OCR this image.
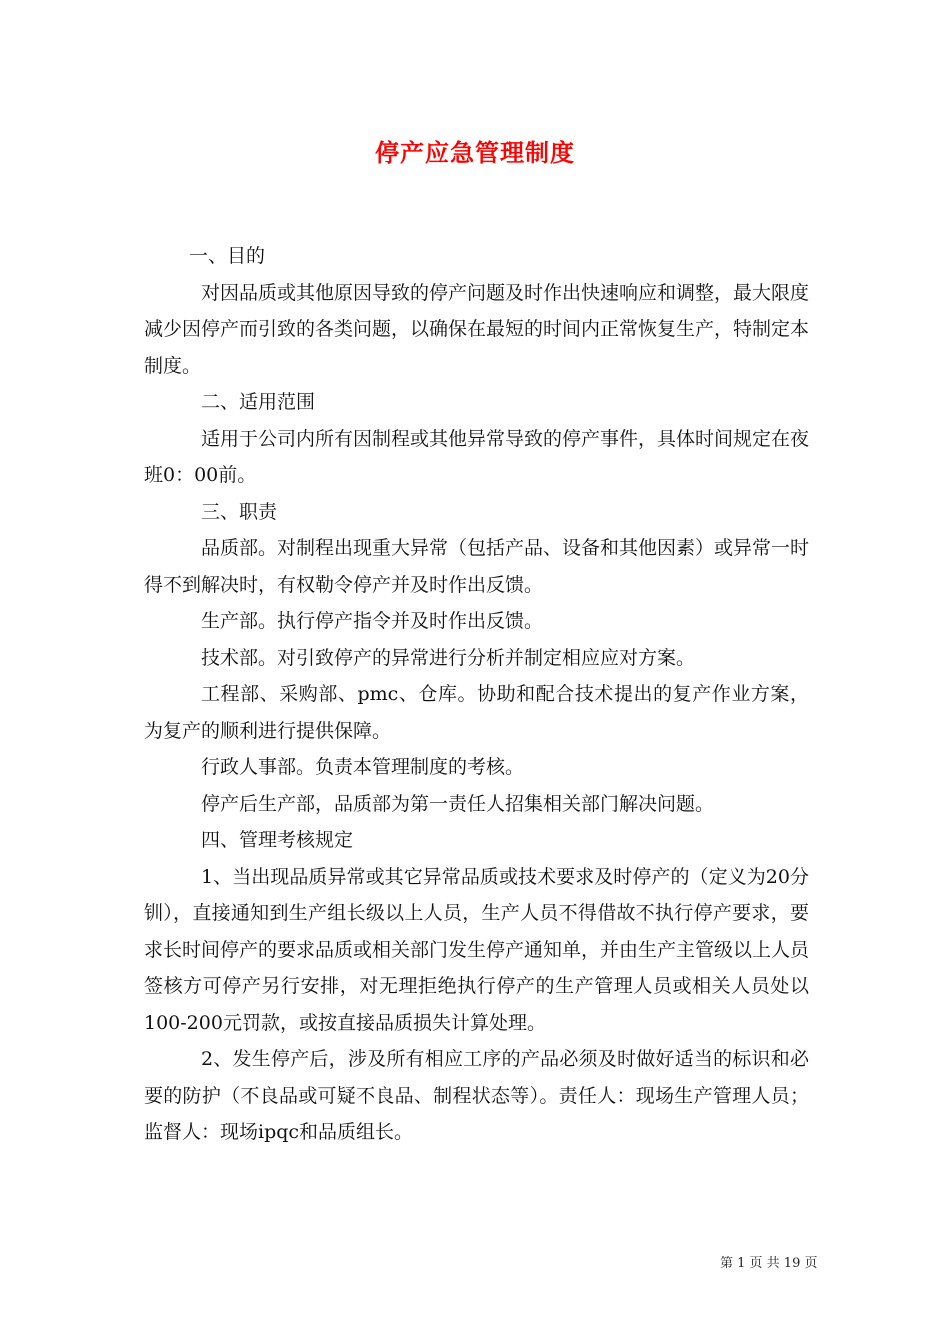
停产应急管理制度

一、目的

对因品质或其他原因导致的停产问题及时作出快速响应和调整，最大限度减少因停产而引致的各类问题，以确保在最短的时间内正常恢复生产，特制定本制度。

二、适用范围

适用于公司内所有因制程或其他异常导致的停产事件，具体时间规定在夜班0：00前。

三、职责

品质部。对制程出现重大异常（包括产品、设备和其他因素）或异常一时得不到解决时，有权勒令停产并及时作出反馈。

生产部。执行停产指令并及时作出反馈。

技术部。对引致停产的异常进行分析并制定相应应对方案。

工程部、采购部、pmc、仓库。协助和配合技术提出的复产作业方案，为复产的顺利进行提供保障。

行政人事部。负责本管理制度的考核。

停产后生产部，品质部为第一责任人招集相关部门解决问题。

四、管理考核规定

1、当出现品质异常或其它异常品质或技术要求及时停产的（定义为20分钏），直接通知到生产组长级以上人员，生产人员不得借故不执行停产要求，要求长时间停产的要求品质或相关部门发生停产通知单，并由生产主管级以上人员签核方可停产另行安排，对无理拒绝执行停产的生产管理人员或相关人员处以100-200元罚款，或按直接品质损失计算处理。

2、发生停产后，涉及所有相应工序的产品必须及时做好适当的标识和必要的防护（不良品或可疑不良品、制程状态等）。责任人：现场生产管理人员；监督人：现场ipqc和品质组长。

第 1 页 共 19 页
